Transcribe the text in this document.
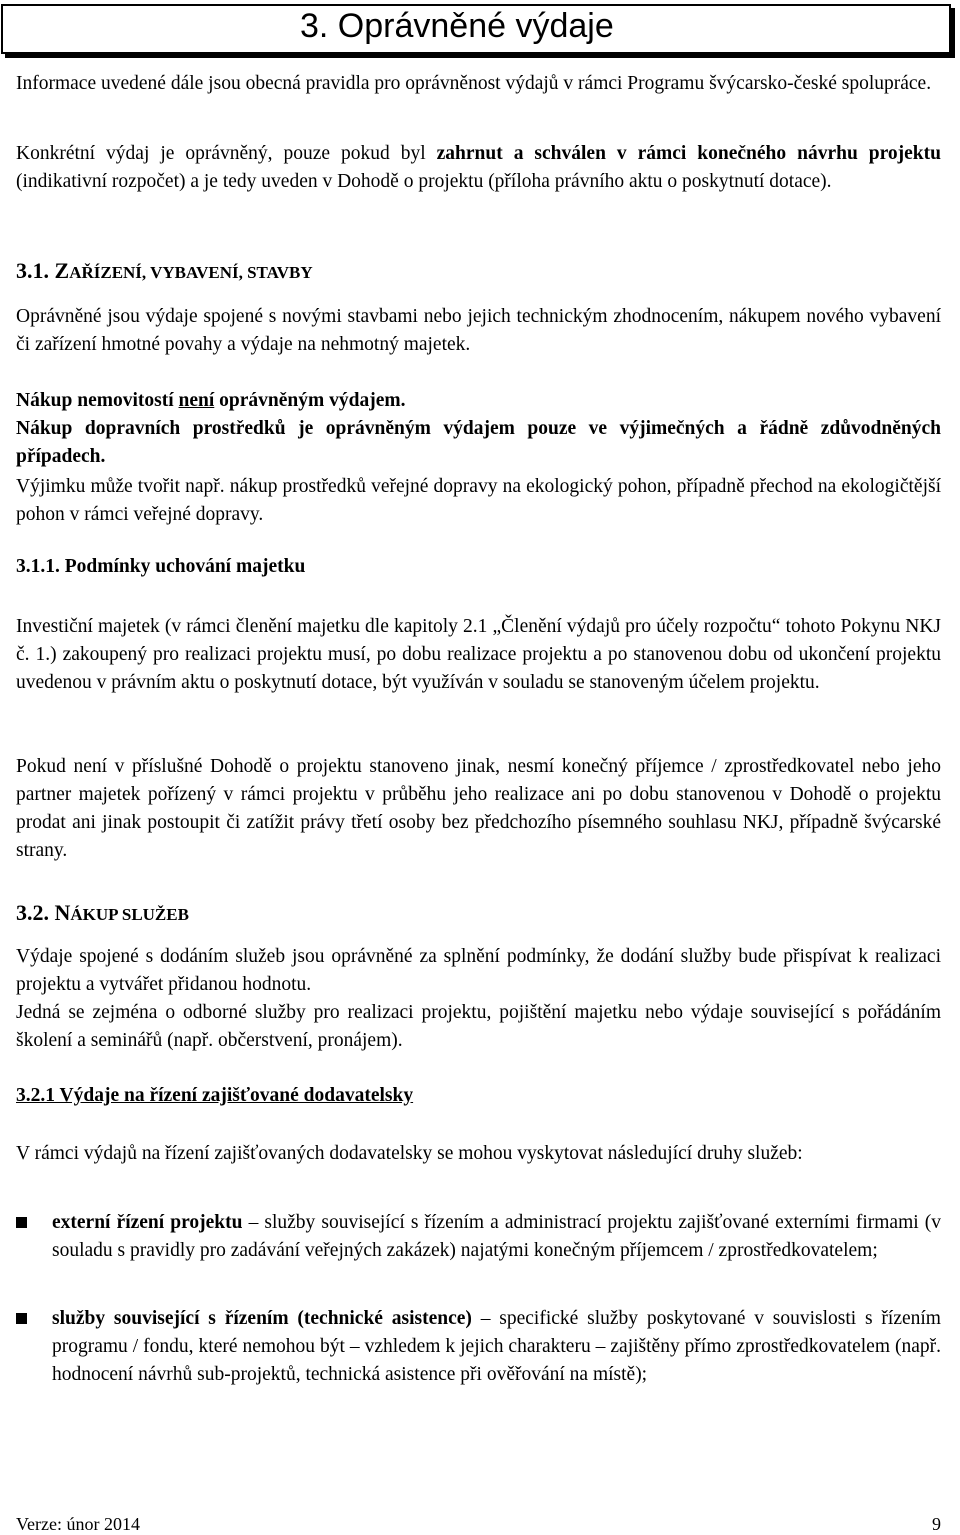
3. Oprávněné výdaje

Informace uvedené dále jsou obecná pravidla pro oprávněnost výdajů v rámci Programu švýcarsko-české spolupráce.

Konkrétní výdaj je oprávněný, pouze pokud byl zahrnut a schválen v rámci konečného návrhu projektu (indikativní rozpočet) a je tedy uveden v Dohodě o projektu (příloha právního aktu o poskytnutí dotace).

3.1. ZAŘÍZENÍ, VYBAVENÍ, STAVBY

Oprávněné jsou výdaje spojené s novými stavbami nebo jejich technickým zhodnocením, nákupem nového vybavení či zařízení hmotné povahy a výdaje na nehmotný majetek.

Nákup nemovitostí není oprávněným výdajem.

Nákup dopravních prostředků je oprávněným výdajem pouze ve výjimečných a řádně zdůvodněných případech.

Výjimku může tvořit např. nákup prostředků veřejné dopravy na ekologický pohon, případně přechod na ekologičtější pohon v rámci veřejné dopravy.

3.1.1. Podmínky uchování majetku

Investiční majetek (v rámci členění majetku dle kapitoly 2.1 „Členění výdajů pro účely rozpočtu“ tohoto Pokynu NKJ č. 1.) zakoupený pro realizaci projektu musí, po dobu realizace projektu a po stanovenou dobu od ukončení projektu uvedenou v právním aktu o poskytnutí dotace, být využíván v souladu se stanoveným účelem projektu.

Pokud není v příslušné Dohodě o projektu stanoveno jinak, nesmí konečný příjemce / zprostředkovatel nebo jeho partner majetek pořízený v rámci projektu v průběhu jeho realizace ani po dobu stanovenou v Dohodě o projektu prodat ani jinak postoupit či zatížit právy třetí osoby bez předchozího písemného souhlasu NKJ, případně švýcarské strany.

3.2. NÁKUP SLUŽEB

Výdaje spojené s dodáním služeb jsou oprávněné za splnění podmínky, že dodání služby bude přispívat k realizaci projektu a vytvářet přidanou hodnotu.

Jedná se zejména o odborné služby pro realizaci projektu, pojištění majetku nebo výdaje související s pořádáním školení a seminářů (např. občerstvení, pronájem).

3.2.1 Výdaje na řízení zajišťované dodavatelsky

V rámci výdajů na řízení zajišťovaných dodavatelsky se mohou vyskytovat následující druhy služeb:

externí řízení projektu – služby související s řízením a administrací projektu zajišťované externími firmami (v souladu s pravidly pro zadávání veřejných zakázek) najatými konečným příjemcem / zprostředkovatelem;
služby související s řízením (technické asistence) – specifické služby poskytované v souvislosti s řízením programu / fondu, které nemohou být – vzhledem k jejich charakteru – zajištěny přímo zprostředkovatelem (např. hodnocení návrhů sub-projektů, technická asistence při ověřování na místě);
Verze: únor 2014	9
